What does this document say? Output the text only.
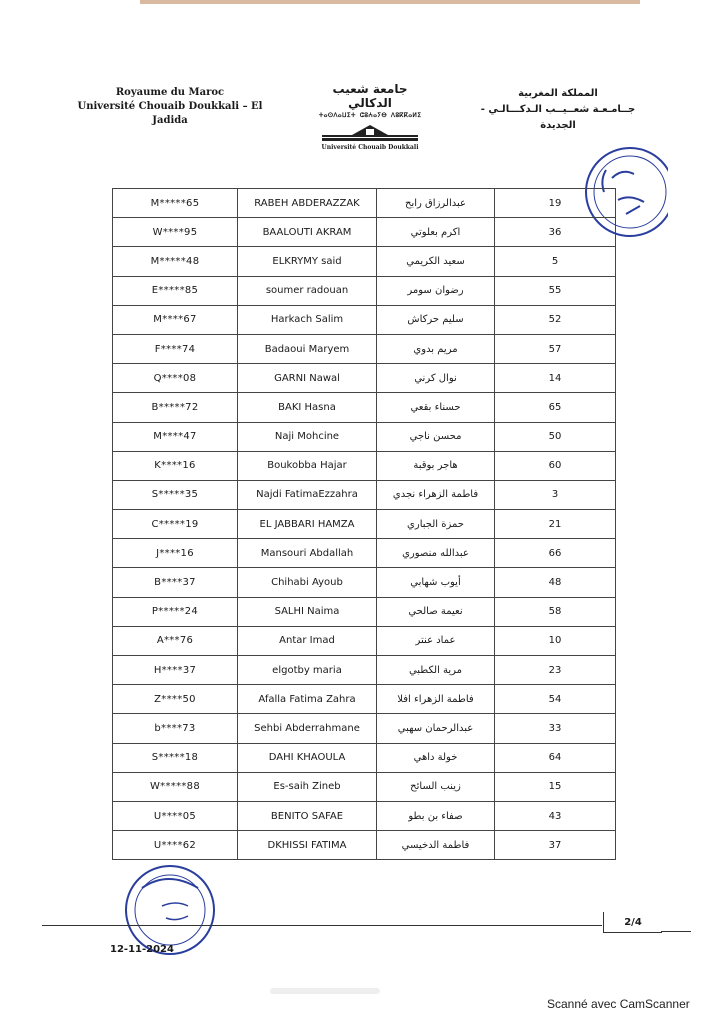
Royaume du Maroc
Université Chouaib Doukkali – El Jadida
جامعة شعيب الدكالي
ⵜⴰⵙⴷⴰⵡⵉⵜ ⵛⵓⵄⴰⵢⴱ ⴷⵓⴽⴽⴰⵍⵉ
Université Chouaib Doukkali
المملكة المغربية
جــامـعـة شعــيــب الـدكـــالـي - الجديدة
M*****65	RABEH ABDERAZZAK	عبدالرزاق رابح	19
W****95	BAALOUTI AKRAM	اكرم بعلوتي	36
M*****48	ELKRYMY said	سعيد الكريمي	5
E*****85	soumer radouan	رضوان سومر	55
M****67	Harkach Salim	سليم حركاش	52
F****74	Badaoui Maryem	مريم بدوي	57
Q****08	GARNI Nawal	نوال كرني	14
B*****72	BAKI Hasna	حسناء بقعي	65
M****47	Naji Mohcine	محسن ناجي	50
K****16	Boukobba Hajar	هاجر بوقبة	60
S*****35	Najdi FatimaEzzahra	فاطمة الزهراء نجدي	3
C*****19	EL JABBARI HAMZA	حمزة الجباري	21
J****16	Mansouri Abdallah	عبدالله منصوري	66
B****37	Chihabi Ayoub	أيوب شهابي	48
P*****24	SALHI Naima	نعيمة صالحي	58
A***76	Antar Imad	عماد عنتر	10
H****37	elgotby maria	مرية الكطبي	23
Z****50	Afalla Fatima Zahra	فاطمة الزهراء افلا	54
b****73	Sehbi Abderrahmane	عبدالرحمان سهبي	33
S*****18	DAHI KHAOULA	خولة داهي	64
W*****88	Es-saih Zineb	زينب السائح	15
U****05	BENITO SAFAE	صفاء بن بطو	43
U****62	DKHISSI FATIMA	فاطمة الدخيسي	37
2/4
12-11-2024
Scanné avec CamScanner
